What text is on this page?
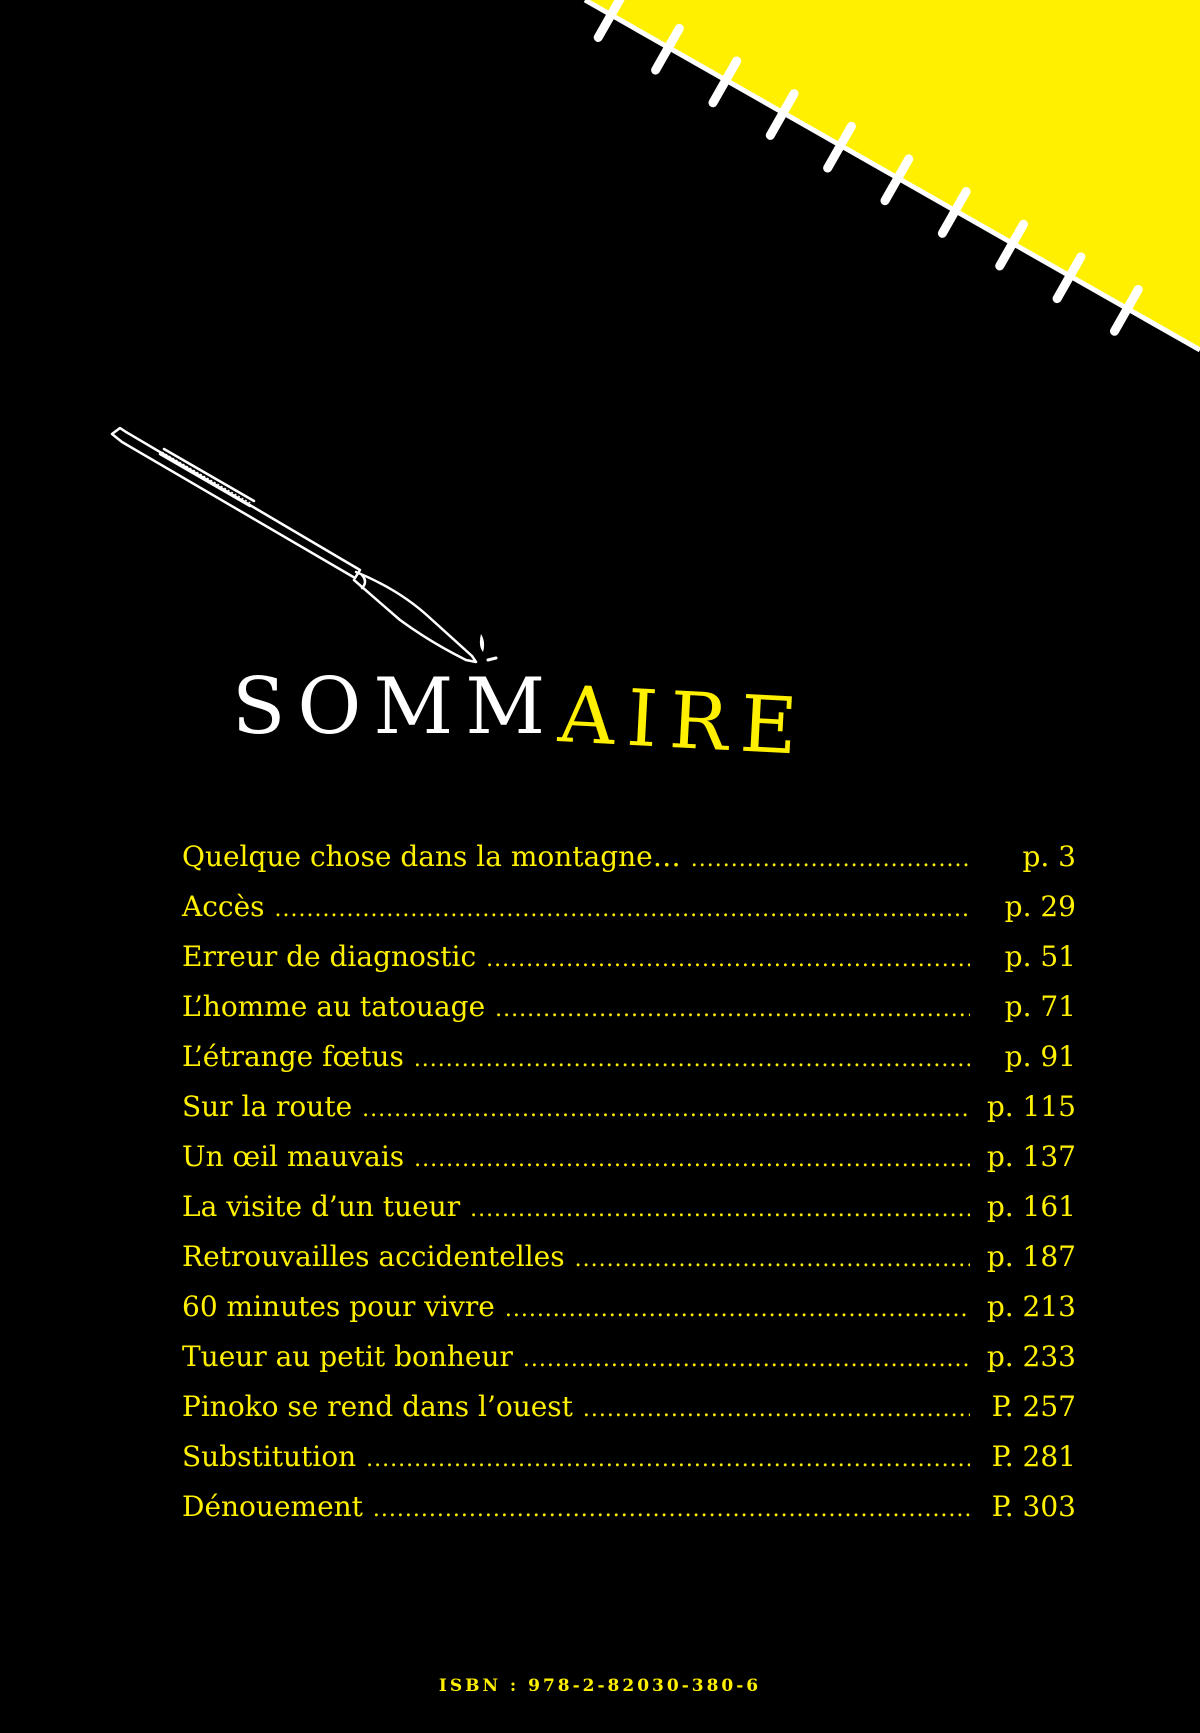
SOMMAIRE
Quelque chose dans la montagne… .....	p. 3
Accès .....	p. 29
Erreur de diagnostic .....	p. 51
L’homme au tatouage .....	p. 71
L’étrange fœtus .....	p. 91
Sur la route .....	p. 115
Un œil mauvais .....	p. 137
La visite d’un tueur .....	p. 161
Retrouvailles accidentelles .....	p. 187
60 minutes pour vivre .....	p. 213
Tueur au petit bonheur .....	p. 233
Pinoko se rend dans l’ouest .....	P. 257
Substitution .....	P. 281
Dénouement .....	P. 303
ISBN : 978-2-82030-380-6
